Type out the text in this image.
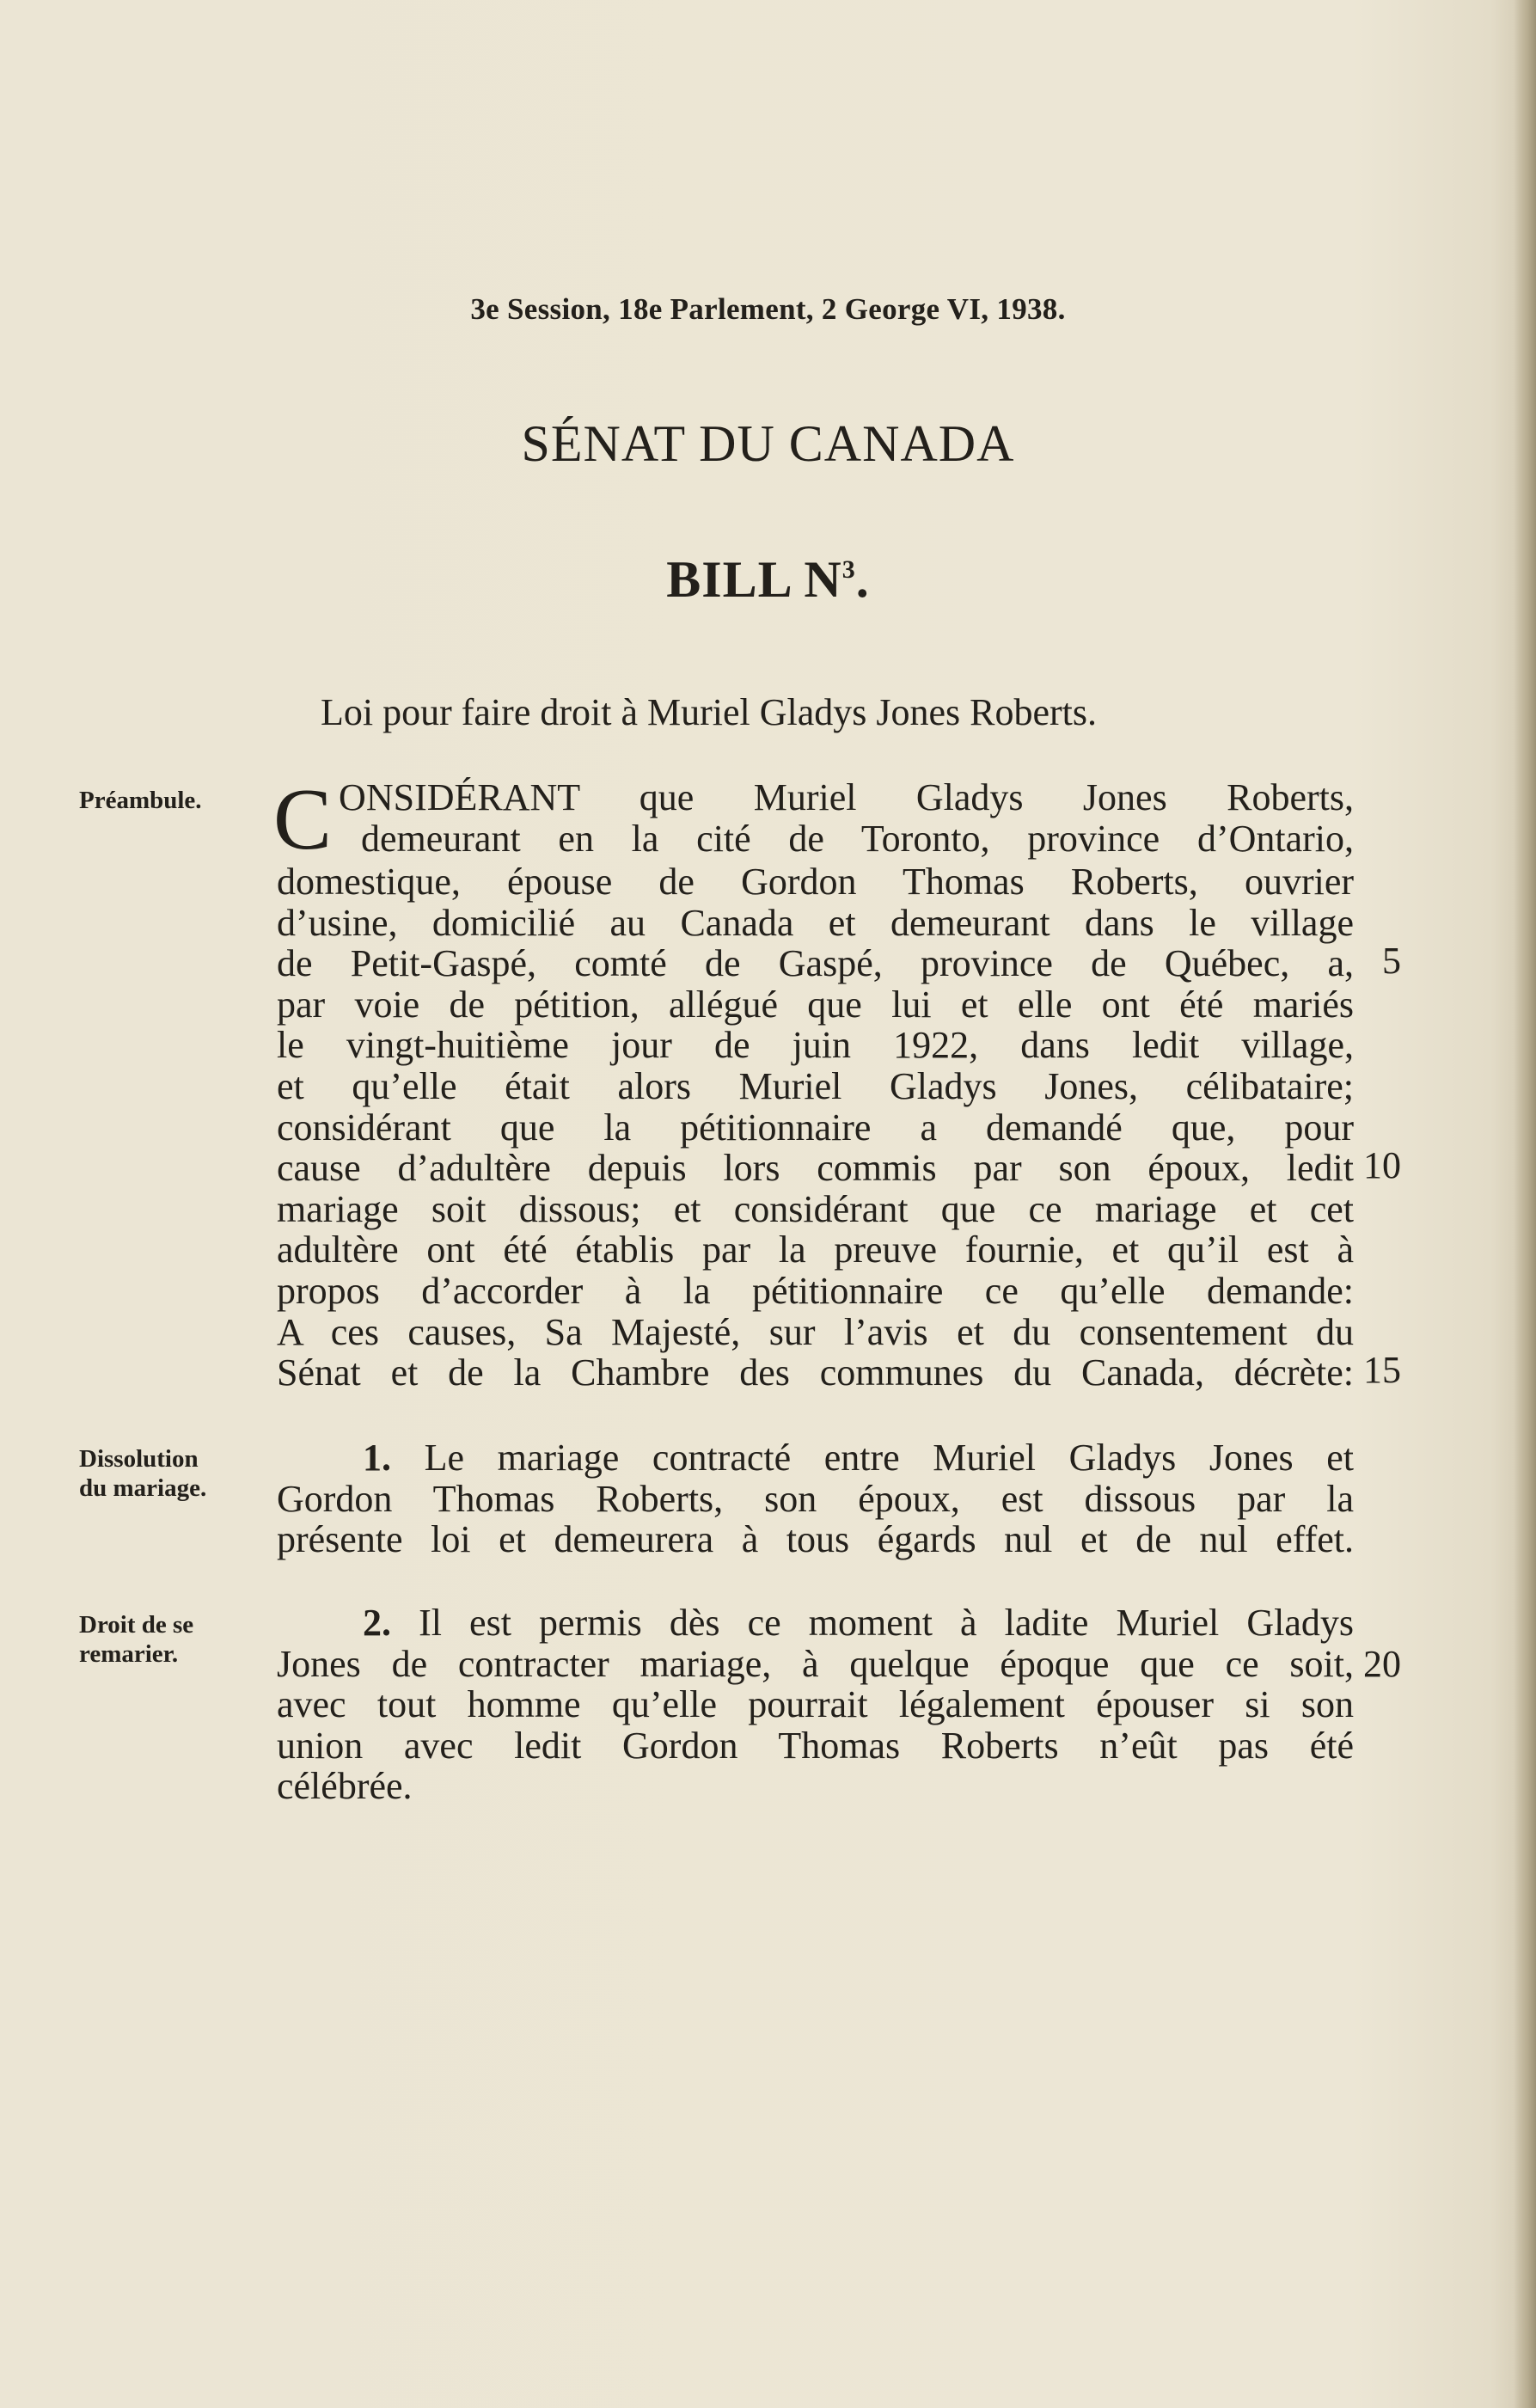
3e Session, 18e Parlement, 2 George VI, 1938.
SÉNAT DU CANADA
BILL $N^3$.
Loi pour faire droit à Muriel Gladys Jones Roberts.
Préambule. C ONSIDÉRANT que Muriel Gladys Jones Roberts,
demeurant en la cité de Toronto, province d’Ontario,
domestique, épouse de Gordon Thomas Roberts, ouvrier
d’usine, domicilié au Canada et demeurant dans le village
de Petit-Gaspé, comté de Gaspé, province de Québec, a,
par voie de pétition, allégué que lui et elle ont été mariés
le vingt-huitième jour de juin 1922, dans ledit village,
et qu’elle était alors Muriel Gladys Jones, célibataire;
considérant que la pétitionnaire a demandé que, pour
cause d’adultère depuis lors commis par son époux, ledit
mariage soit dissous; et considérant que ce mariage et cet
adultère ont été établis par la preuve fournie, et qu’il est à
propos d’accorder à la pétitionnaire ce qu’elle demande:
A ces causes, Sa Majesté, sur l’avis et du consentement du
Sénat et de la Chambre des communes du Canada, décrète:
5
10
15
Dissolution
du mariage.
1. Le mariage contracté entre Muriel Gladys Jones et
Gordon Thomas Roberts, son époux, est dissous par la
présente loi et demeurera à tous égards nul et de nul effet.
Droit de se
remarier.
2. Il est permis dès ce moment à ladite Muriel Gladys
Jones de contracter mariage, à quelque époque que ce soit,
avec tout homme qu’elle pourrait légalement épouser si son
union avec ledit Gordon Thomas Roberts n’eût pas été
célébrée.
20
